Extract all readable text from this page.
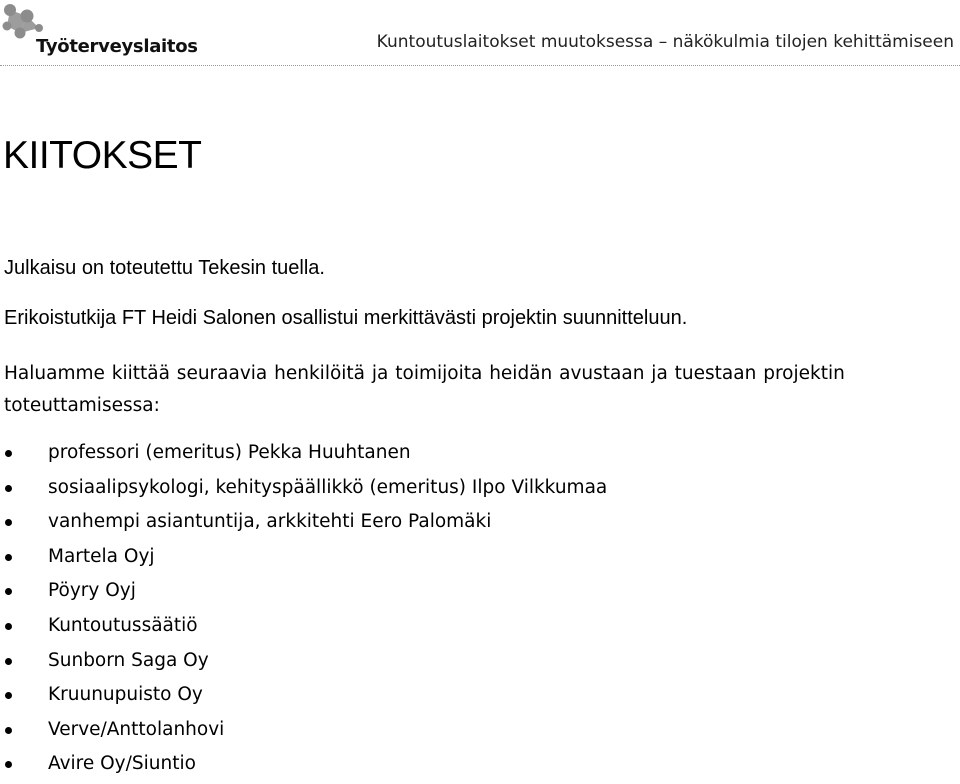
Työterveyslaitos	Kuntoutuslaitokset muutoksessa – näkökulmia tilojen kehittämiseen
KIITOKSET

Julkaisu on toteutettu Tekesin tuella.

Erikoistutkija FT Heidi Salonen osallistui merkittävästi projektin suunnitteluun.

Haluamme kiittää seuraavia henkilöitä ja toimijoita heidän avustaan ja tuestaan projektin toteuttamisessa:

professori (emeritus) Pekka Huuhtanen
sosiaalipsykologi, kehityspäällikkö (emeritus) Ilpo Vilkkumaa
vanhempi asiantuntija, arkkitehti Eero Palomäki
Martela Oyj
Pöyry Oyj
Kuntoutussäätiö
Sunborn Saga Oy
Kruunupuisto Oy
Verve/Anttolanhovi
Avire Oy/Siuntio
